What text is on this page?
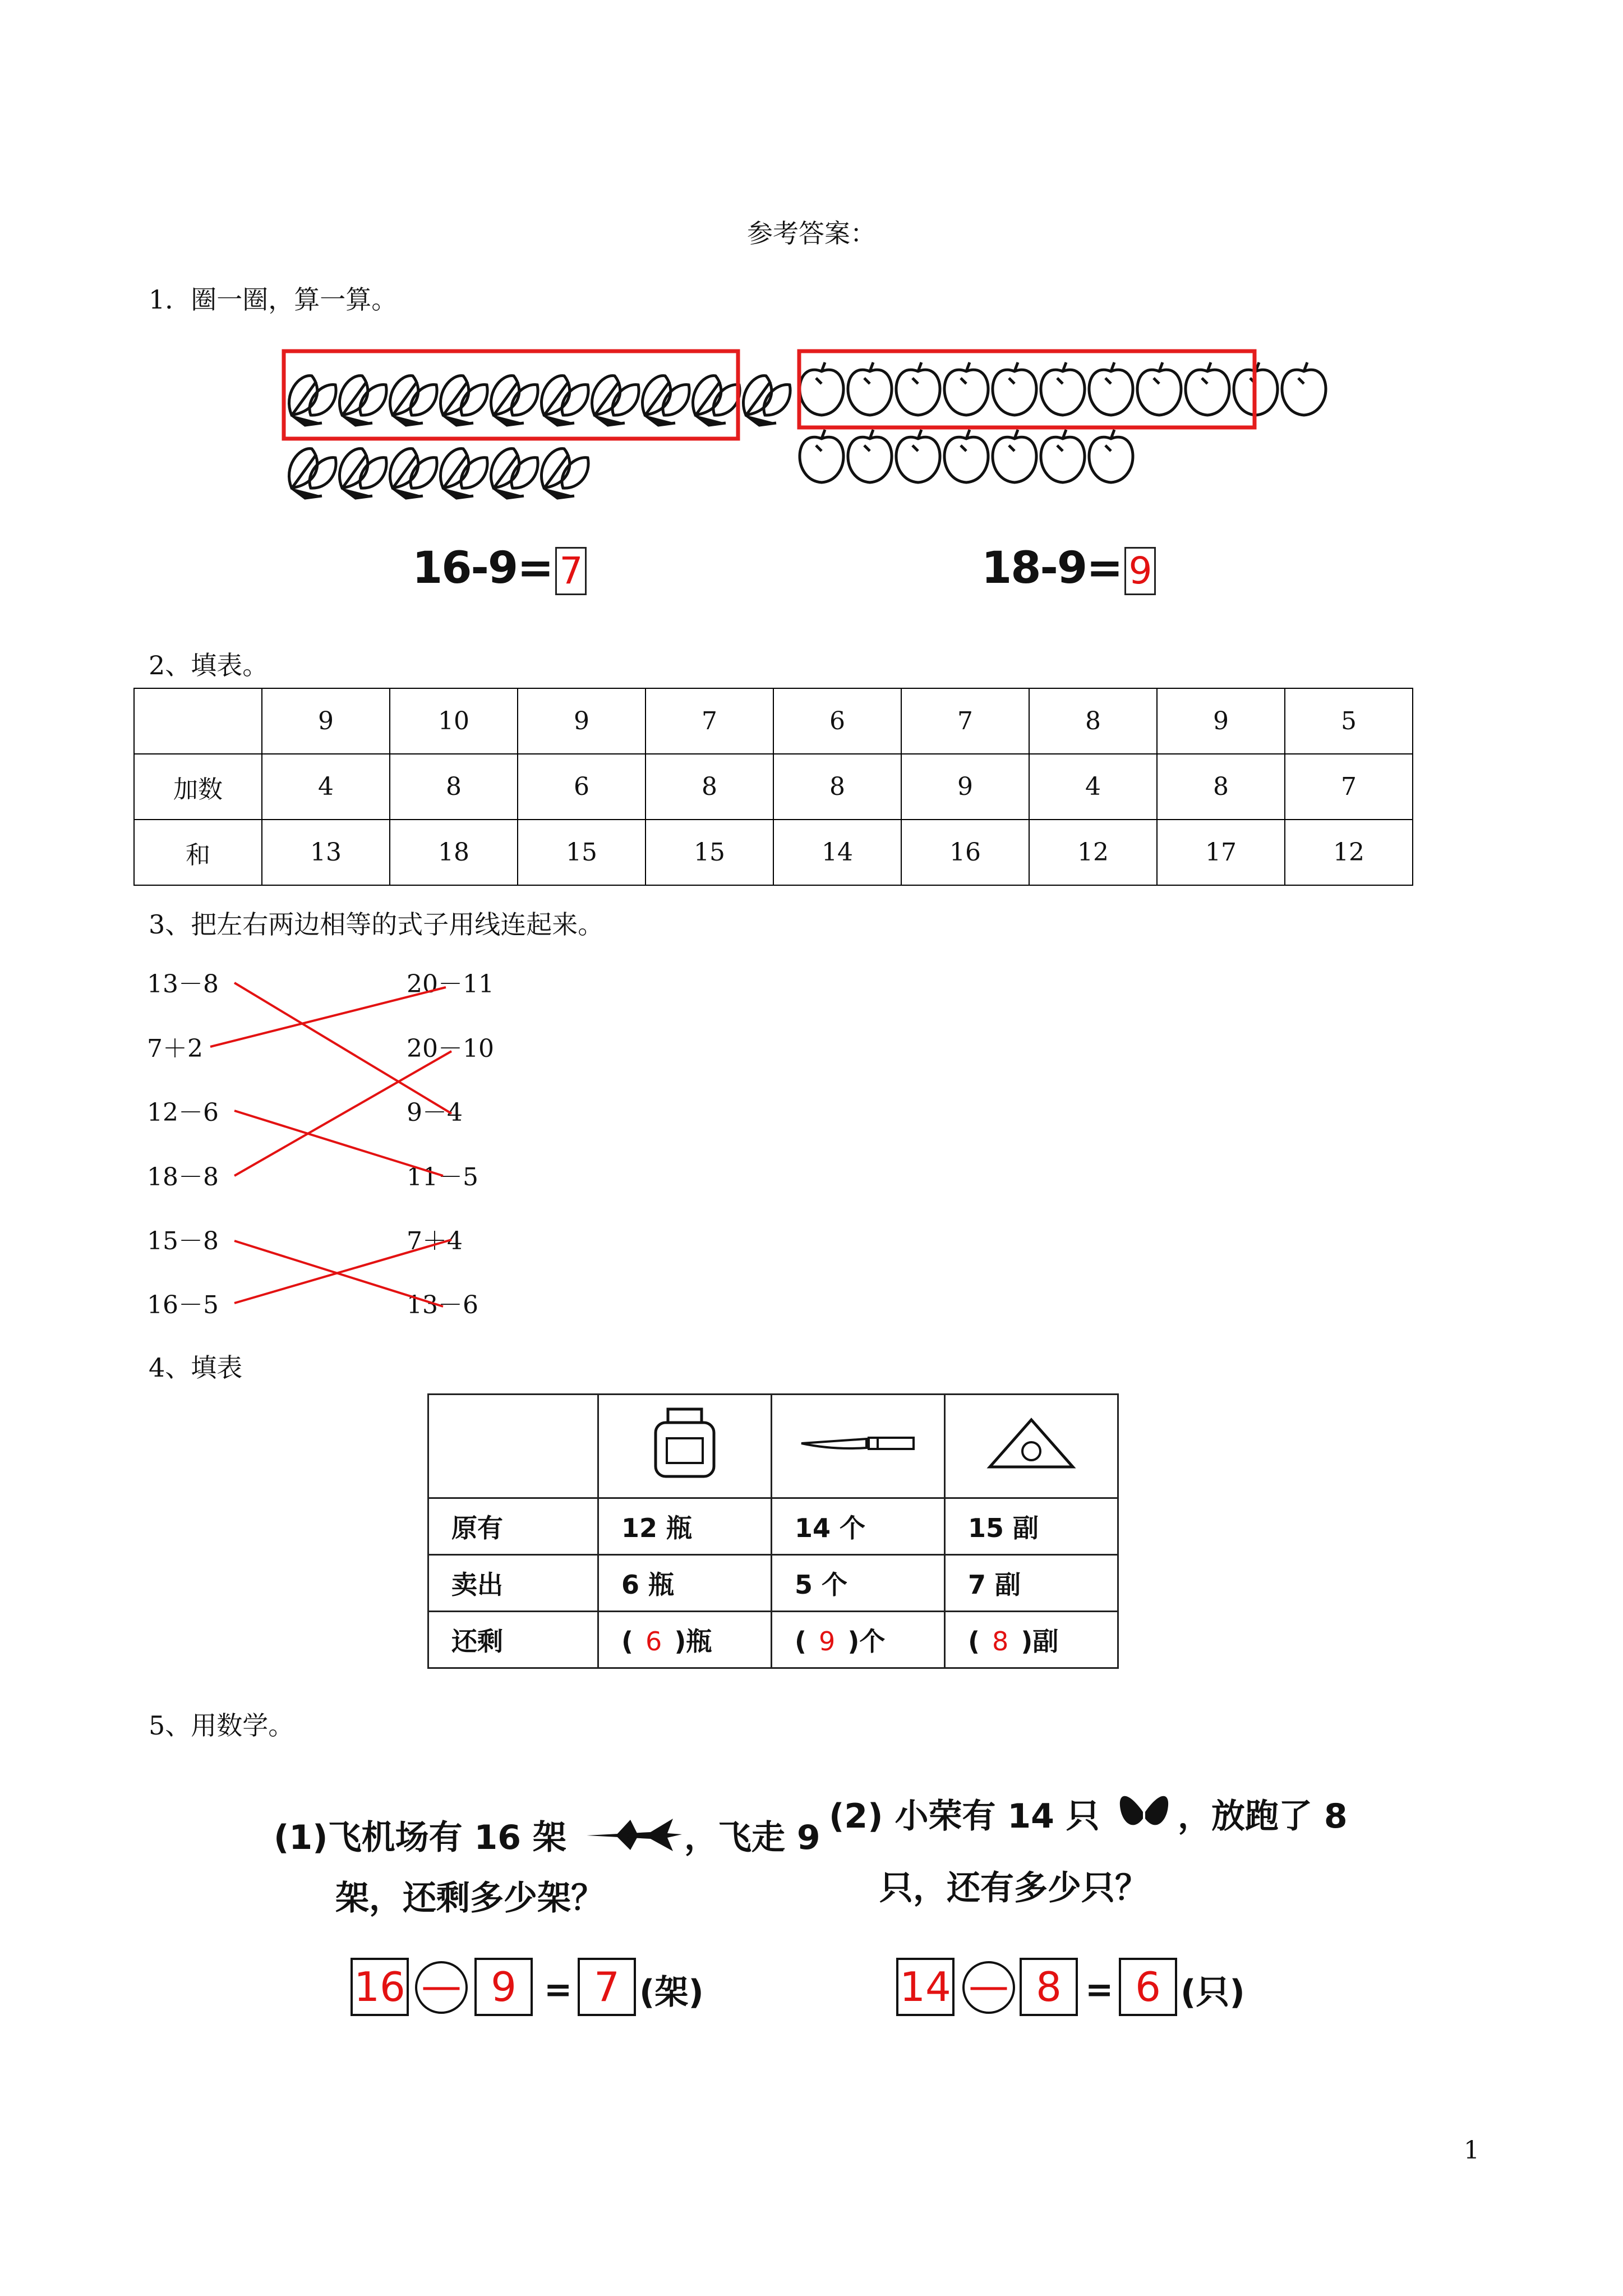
参考答案：
1．圈一圈，算一算。
16-9= 7	18-9= 9
2、填表。
	9	10	9	7	6	7	8	9	5
加数	4	8	6	8	8	9	4	8	7
和	13	18	15	15	14	16	12	17	12
3、把左右两边相等的式子用线连起来。
13－8
7＋2
12－6
18－8
15－8
16－5
20－11
20－10
9－4
11－5
7＋4
13－6
4、填表

原有	12 瓶	14 个	15 副
卖出	6 瓶	5 个	7 副
还剩	( 6 )瓶	( 9 )个	( 8 )副
5、用数学。
(1)飞机场有 16 架	，飞走 9
架，还剩多少架？
(2) 小荣有 14 只 ，放跑了 8
只，还有多少只？
16 — 9 = 7 (架)	14 — 8 = 6 (只)
1
